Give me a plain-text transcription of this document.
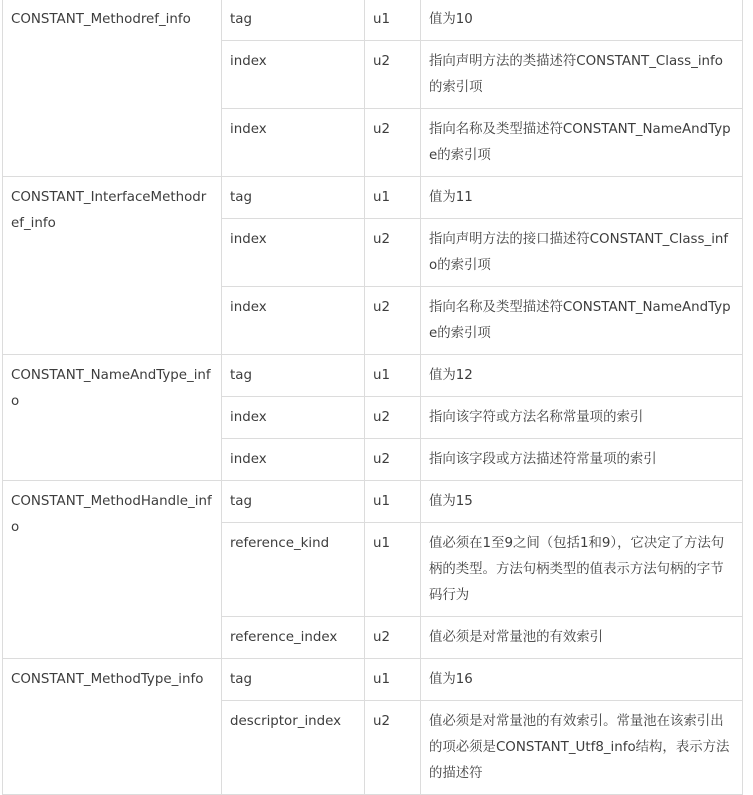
CONSTANT_Methodref_info	tag	u1	值为10
	index	u2	指向声明方法的类描述符CONSTANT_Class_info的索引项
	index	u2	指向名称及类型描述符CONSTANT_NameAndType的索引项
CONSTANT_InterfaceMethodref_info	tag	u1	值为11
	index	u2	指向声明方法的接口描述符CONSTANT_Class_info的索引项
	index	u2	指向名称及类型描述符CONSTANT_NameAndType的索引项
CONSTANT_NameAndType_info	tag	u1	值为12
	index	u2	指向该字符或方法名称常量项的索引
	index	u2	指向该字段或方法描述符常量项的索引
CONSTANT_MethodHandle_info	tag	u1	值为15
	reference_kind	u1	值必须在1至9之间（包括1和9），它决定了方法句柄的类型。方法句柄类型的值表示方法句柄的字节码行为
	reference_index	u2	值必须是对常量池的有效索引
CONSTANT_MethodType_info	tag	u1	值为16
	descriptor_index	u2	值必须是对常量池的有效索引。常量池在该索引出的项必须是CONSTANT_Utf8_info结构，表示方法的描述符
